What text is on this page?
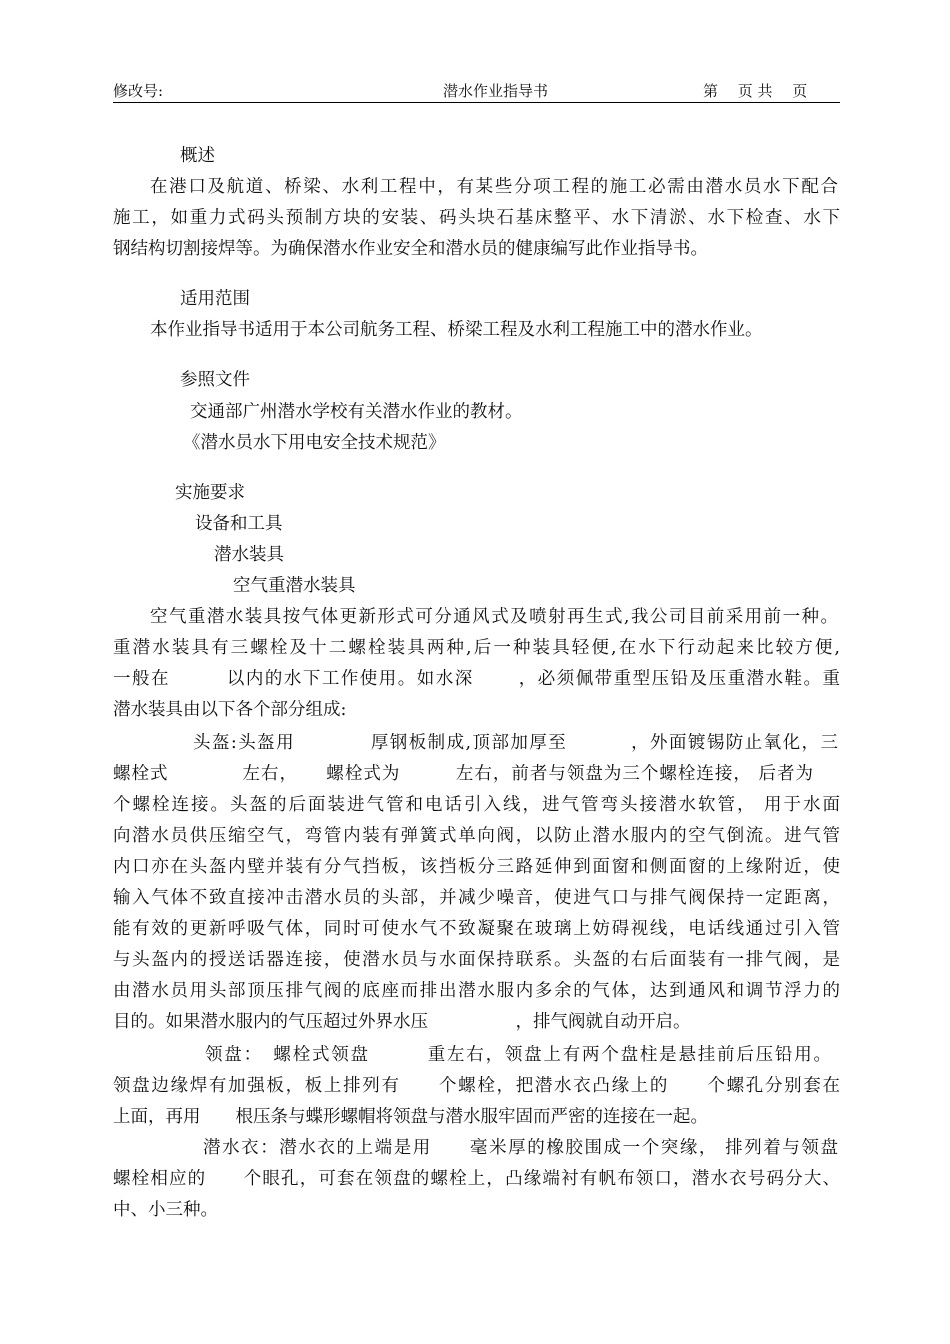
修改号:	潜水作业指导书	第　 页 共　 页
概述
在港口及航道、桥梁、水利工程中，有某些分项工程的施工必需由潜水员水下配合
施工，如重力式码头预制方块的安装、码头块石基床整平、水下清淤、水下检查、水下
钢结构切割接焊等。为确保潜水作业安全和潜水员的健康编写此作业指导书。
适用范围
本作业指导书适用于本公司航务工程、桥梁工程及水利工程施工中的潜水作业。
参照文件
交通部广州潜水学校有关潜水作业的教材。
《潜水员水下用电安全技术规范》
实施要求
设备和工具
潜水装具
空气重潜水装具
空气重潜水装具按气体更新形式可分通风式及喷射再生式,我公司目前采用前一种。
重潜水装具有三螺栓及十二螺栓装具两种,后一种装具轻便,在水下行动起来比较方便,
一般在　　　以内的水下工作使用。如水深　　 ，必须佩带重型压铅及压重潜水鞋。重
潜水装具由以下各个部分组成:
头盔:头盔用　　　　厚钢板制成,顶部加厚至　　　 ，外面镀锡防止氧化，三
螺栓式　　　　左右，　　螺栓式为　　　左右，前者与领盘为三个螺栓连接， 后者为
个螺栓连接。头盔的后面装进气管和电话引入线，进气管弯头接潜水软管， 用于水面
向潜水员供压缩空气，弯管内装有弹簧式单向阀，以防止潜水服内的空气倒流。进气管
内口亦在头盔内壁并装有分气挡板，该挡板分三路延伸到面窗和侧面窗的上缘附近，使
输入气体不致直接冲击潜水员的头部，并减少噪音，使进气口与排气阀保持一定距离，
能有效的更新呼吸气体，同时可使水气不致凝聚在玻璃上妨碍视线，电话线通过引入管
与头盔内的授送话器连接，使潜水员与水面保持联系。头盔的右后面装有一排气阀，是
由潜水员用头部顶压排气阀的底座而排出潜水服内多余的气体，达到通风和调节浮力的
目的。如果潜水服内的气压超过外界水压　　　　　，排气阀就自动开启。
领盘：　螺栓式领盘　　　重左右，领盘上有两个盘柱是悬挂前后压铅用。
领盘边缘焊有加强板，板上排列有　　个螺栓，把潜水衣凸缘上的　　个螺孔分别套在
上面，再用　　根压条与蝶形螺帽将领盘与潜水服牢固而严密的连接在一起。
潜水衣：潜水衣的上端是用　　毫米厚的橡胶围成一个突缘， 排列着与领盘
螺栓相应的　　个眼孔，可套在领盘的螺栓上，凸缘端衬有帆布领口，潜水衣号码分大、
中、小三种。
